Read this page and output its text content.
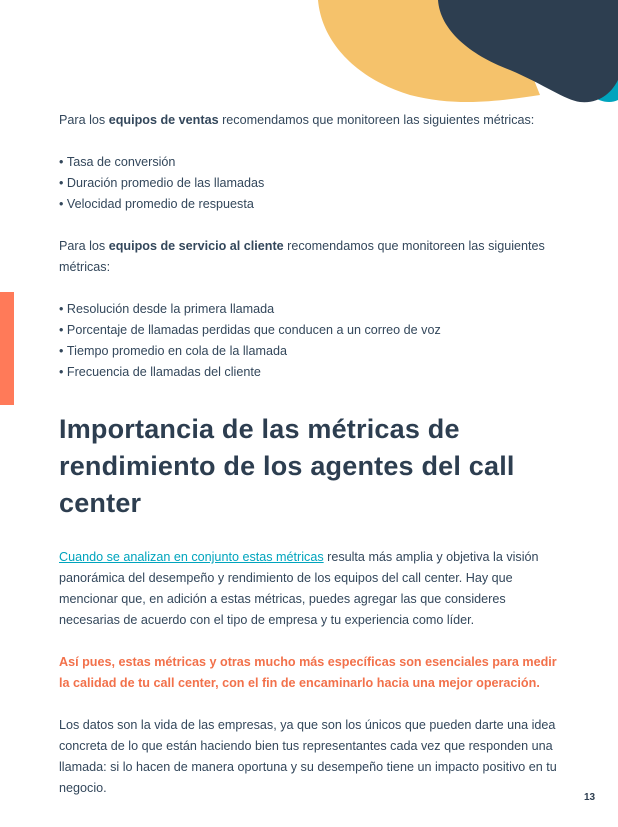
Para los equipos de ventas recomendamos que monitoreen las siguientes métricas:

• Tasa de conversión
• Duración promedio de las llamadas
• Velocidad promedio de respuesta

Para los equipos de servicio al cliente recomendamos que monitoreen las siguientes métricas:

• Resolución desde la primera llamada
• Porcentaje de llamadas perdidas que conducen a un correo de voz
• Tiempo promedio en cola de la llamada
• Frecuencia de llamadas del cliente
Importancia de las métricas de rendimiento de los agentes del call center

Cuando se analizan en conjunto estas métricas resulta más amplia y objetiva la visión panorámica del desempeño y rendimiento de los equipos del call center. Hay que mencionar que, en adición a estas métricas, puedes agregar las que consideres necesarias de acuerdo con el tipo de empresa y tu experiencia como líder.

Así pues, estas métricas y otras mucho más específicas son esenciales para medir la calidad de tu call center, con el fin de encaminarlo hacia una mejor operación.

Los datos son la vida de las empresas, ya que son los únicos que pueden darte una idea concreta de lo que están haciendo bien tus representantes cada vez que responden una llamada: si lo hacen de manera oportuna y su desempeño tiene un impacto positivo en tu negocio.

13
